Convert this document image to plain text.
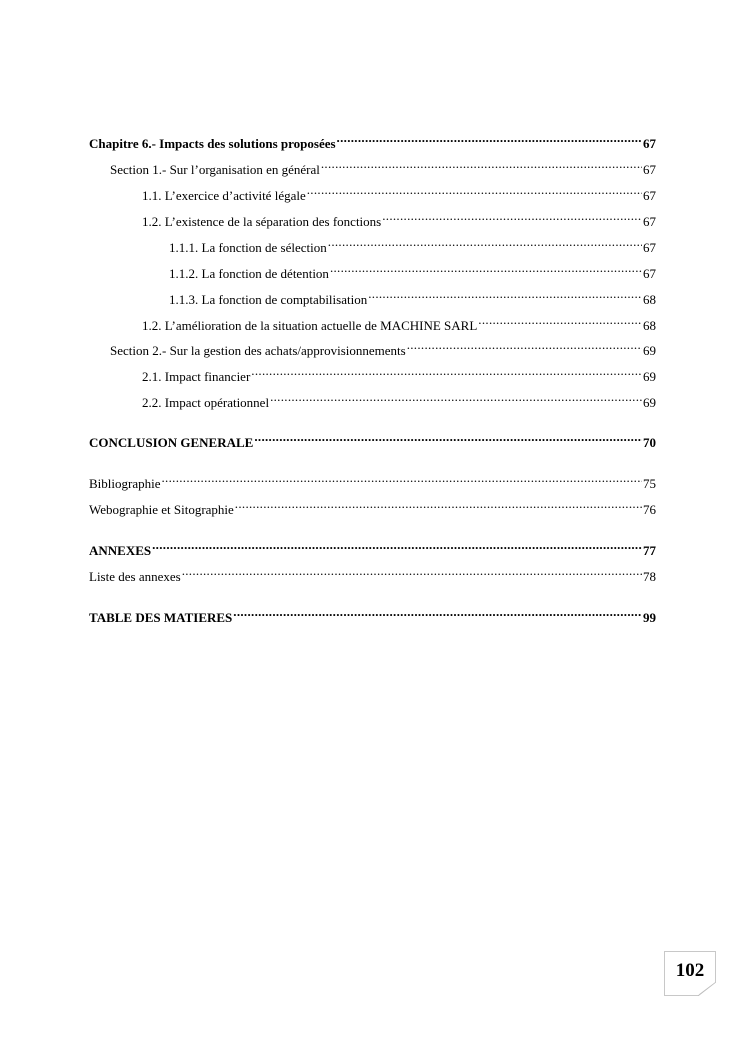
Chapitre 6.- Impacts des solutions proposées .....	67
Section 1.- Sur l’organisation en général .....	67
1.1. L’exercice d’activité légale .....	67
1.2. L’existence de la séparation des fonctions .....	67
1.1.1. La fonction de sélection .....	67
1.1.2. La fonction de détention .....	67
1.1.3. La fonction de comptabilisation .....	68
1.2. L’amélioration de la situation actuelle de MACHINE SARL .....	68
Section 2.- Sur la gestion des achats/approvisionnements .....	69
2.1. Impact financier .....	69
2.2. Impact opérationnel .....	69
CONCLUSION GENERALE .....	70
Bibliographie .....	75
Webographie et Sitographie .....	76
ANNEXES .....	77
Liste des annexes .....	78
TABLE DES MATIERES .....	99
102
